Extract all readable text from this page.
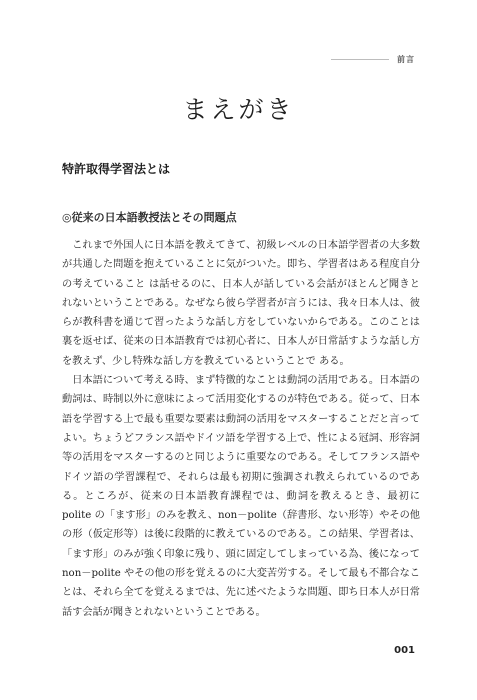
前言
まえがき
特許取得学習法とは
◎従来の日本語教授法とその問題点

これまで外国人に日本語を教えてきて、初級レベルの日本語学習者の大多数が共通した問題を抱えていることに気がついた。即ち、学習者はある程度自分の考えていること は話せるのに、日本人が話している会話がほとんど聞きとれないということである。なぜなら彼ら学習者が言うには、我々日本人は、彼らが教科書を通じて習ったような話し方をしていないからである。このことは裏を返せば、従来の日本語教育では初心者に、日本人が日常話すような話し方を教えず、少し特殊な話し方を教えているということで ある。

日本語について考える時、まず特徴的なことは動詞の活用である。日本語の動詞は、時制以外に意味によって活用変化するのが特色である。従って、日本語を学習する上で最も重要な要素は動詞の活用をマスターすることだと言ってよい。ちょうどフランス語やドイツ語を学習する上で、性による冠詞、形容詞等の活用をマスターするのと同じように重要なのである。そしてフランス語やドイツ語の学習課程で、それらは最も初期に強調され教えられているのである。ところが、従来の日本語教育課程では、動詞を教えるとき、最初に polite の「ます形」のみを教え、non－polite（辞書形、ない形等）やその他の形（仮定形等）は後に段階的に教えているのである。この結果、学習者は、「ます形」のみが強く印象に残り、頭に固定してしまっている為、後になって non－polite やその他の形を覚えるのに大変苦労する。そして最も不都合なことは、それら全てを覚えるまでは、先に述べたような問題、即ち日本人が日常話す会話が聞きとれないということである。

001
